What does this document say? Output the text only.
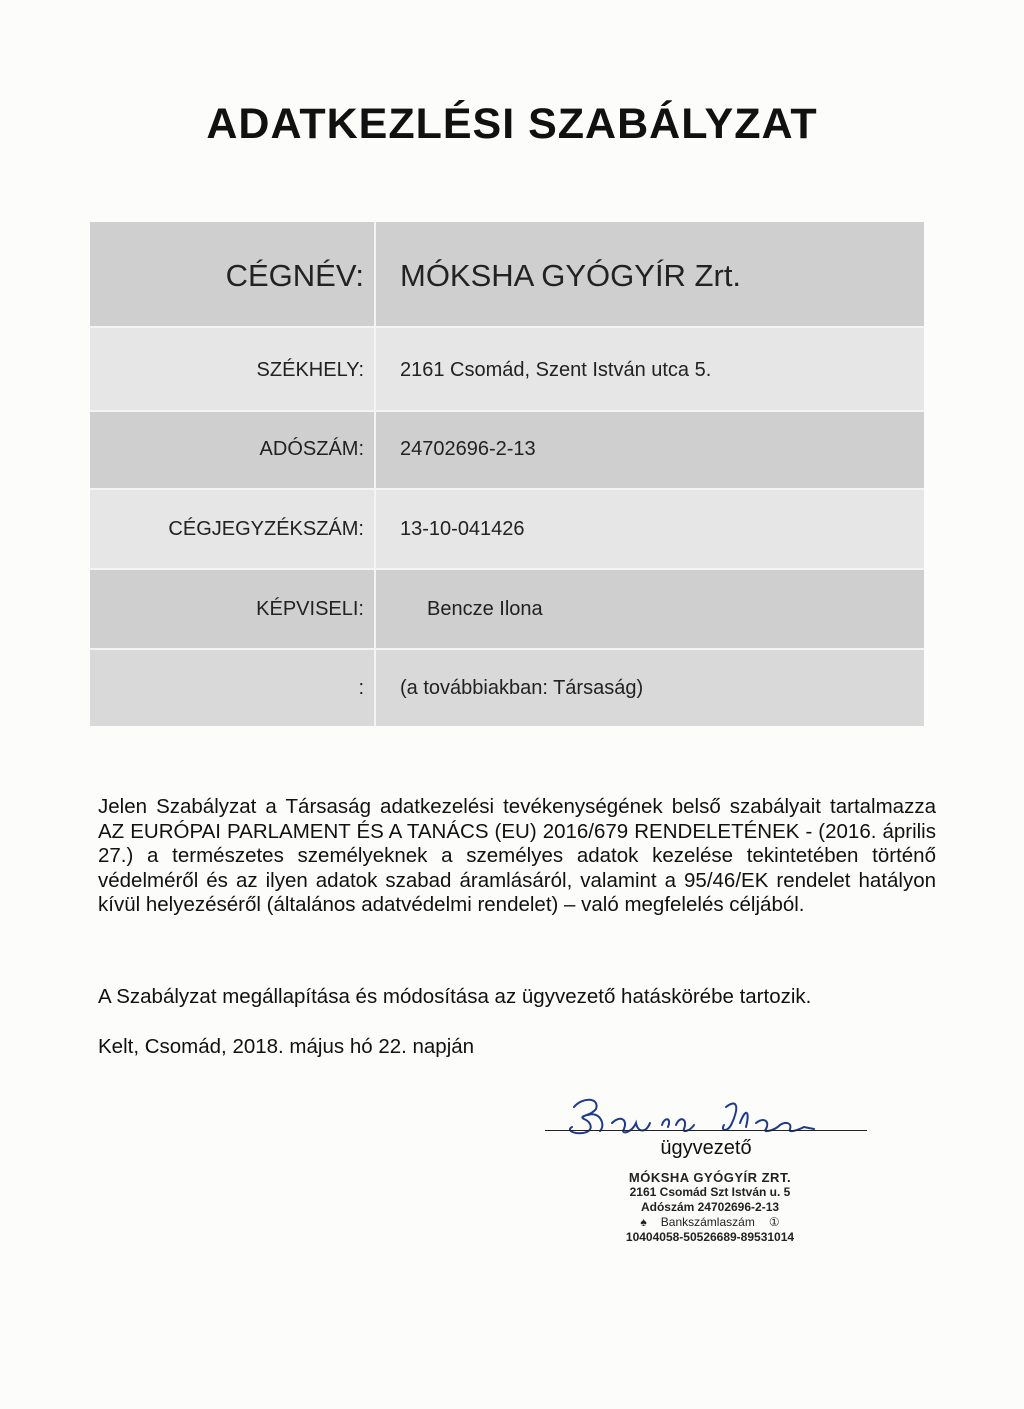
ADATKEZLÉSI SZABÁLYZAT
CÉGNÉV: MÓKSHA GYÓGYÍR Zrt.
SZÉKHELY: 2161 Csomád, Szent István utca 5.
ADÓSZÁM: 24702696-2-13
CÉGJEGYZÉKSZÁM: 13-10-041426
KÉPVISELI:	Bencze Ilona
: (a továbbiakban: Társaság)

Jelen Szabályzat a Társaság adatkezelési tevékenységének belső szabályait tartalmazza AZ EURÓPAI PARLAMENT ÉS A TANÁCS (EU) 2016/679 RENDELETÉNEK - (2016. április 27.) a természetes személyeknek a személyes adatok kezelése tekintetében történő védelméről és az ilyen adatok szabad áramlásáról, valamint a 95/46/EK rendelet hatályon kívül helyezéséről (általános adatvédelmi rendelet) – való megfelelés céljából.

A Szabályzat megállapítása és módosítása az ügyvezető hatáskörébe tartozik.
Kelt, Csomád, 2018. május hó 22. napján
ügyvezető
MÓKSHA GYÓGYÍR ZRT.
2161 Csomád Szt István u. 5
Adószám 24702696-2-13
♠ Bankszámlaszám ①
10404058-50526689-89531014
